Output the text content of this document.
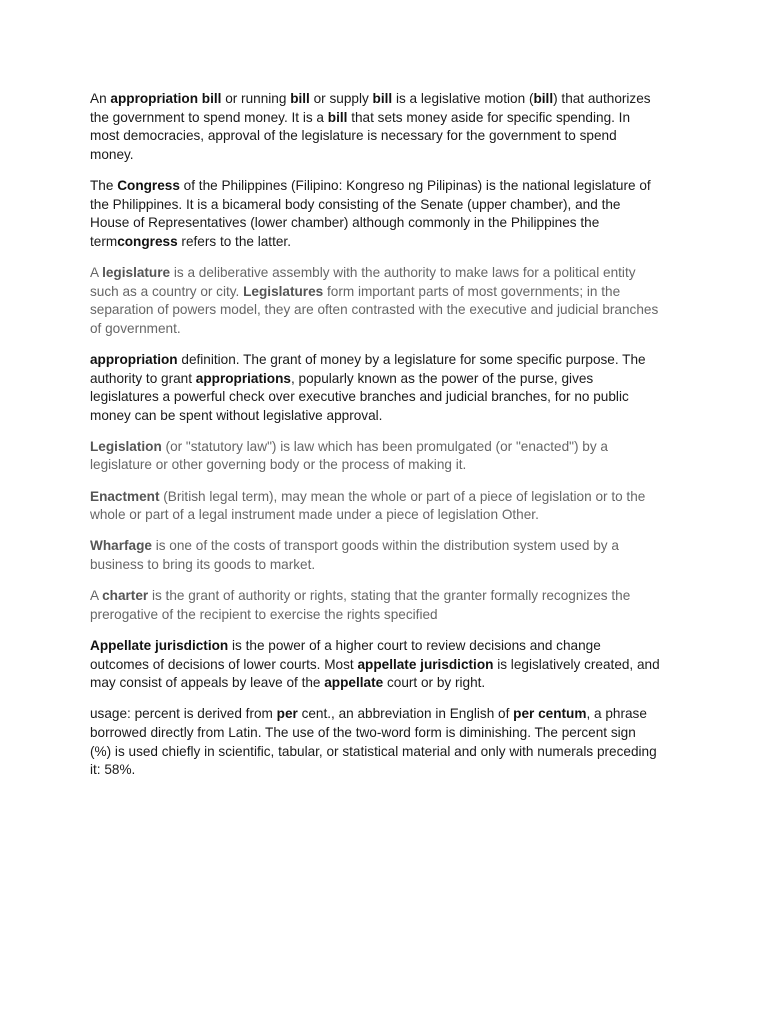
An appropriation bill or running bill or supply bill is a legislative motion (bill) that authorizes the government to spend money. It is a bill that sets money aside for specific spending. In most democracies, approval of the legislature is necessary for the government to spend money.

The Congress of the Philippines (Filipino: Kongreso ng Pilipinas) is the national legislature of the Philippines. It is a bicameral body consisting of the Senate (upper chamber), and the House of Representatives (lower chamber) although commonly in the Philippines the termcongress refers to the latter.

A legislature is a deliberative assembly with the authority to make laws for a political entity such as a country or city. Legislatures form important parts of most governments; in the separation of powers model, they are often contrasted with the executive and judicial branches of government.

appropriation definition. The grant of money by a legislature for some specific purpose. The authority to grant appropriations, popularly known as the power of the purse, gives legislatures a powerful check over executive branches and judicial branches, for no public money can be spent without legislative approval.

Legislation (or "statutory law") is law which has been promulgated (or "enacted") by a legislature or other governing body or the process of making it.

Enactment (British legal term), may mean the whole or part of a piece of legislation or to the whole or part of a legal instrument made under a piece of legislation Other.

Wharfage is one of the costs of transport goods within the distribution system used by a business to bring its goods to market.

A charter is the grant of authority or rights, stating that the granter formally recognizes the prerogative of the recipient to exercise the rights specified

Appellate jurisdiction is the power of a higher court to review decisions and change outcomes of decisions of lower courts. Most appellate jurisdiction is legislatively created, and may consist of appeals by leave of the appellate court or by right.

usage: percent is derived from per cent., an abbreviation in English of per centum, a phrase borrowed directly from Latin. The use of the two-word form is diminishing. The percent sign (%) is used chiefly in scientific, tabular, or statistical material and only with numerals preceding it: 58%.
